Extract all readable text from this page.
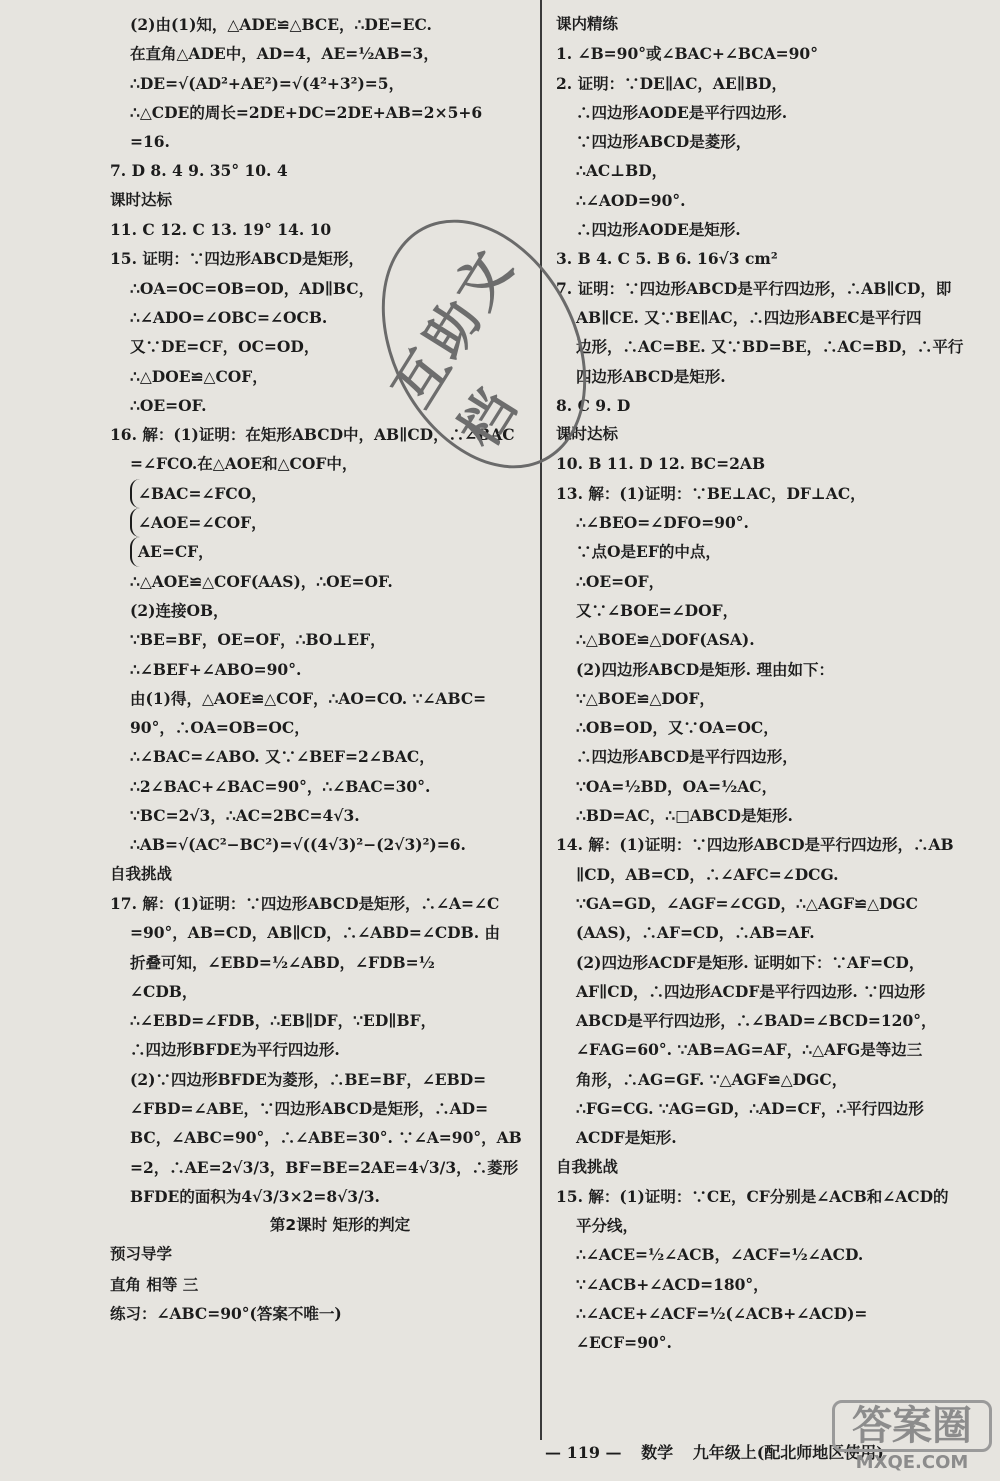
(2)由(1)知，△ADE≌△BCE，∴DE=EC.
在直角△ADE中，AD=4，AE=½AB=3，
∴DE=√(AD²+AE²)=√(4²+3²)=5，
∴△CDE的周长=2DE+DC=2DE+AB=2×5+6
=16.
7. D 8. 4 9. 35° 10. 4
课时达标
11. C 12. C 13. 19° 14. 10
15. 证明：∵四边形ABCD是矩形，
∴OA=OC=OB=OD，AD∥BC，
∴∠ADO=∠OBC=∠OCB.
又∵DE=CF，OC=OD，
∴△DOE≌△COF，
∴OE=OF.
16. 解：(1)证明：在矩形ABCD中，AB∥CD，∴∠BAC
=∠FCO.在△AOE和△COF中，
∠BAC=∠FCO，
∠AOE=∠COF，
AE=CF，
∴△AOE≌△COF(AAS)，∴OE=OF.
(2)连接OB，
∵BE=BF，OE=OF，∴BO⊥EF，
∴∠BEF+∠ABO=90°.
由(1)得，△AOE≌△COF，∴AO=CO. ∵∠ABC=
90°，∴OA=OB=OC，
∴∠BAC=∠ABO. 又∵∠BEF=2∠BAC，
∴2∠BAC+∠BAC=90°，∴∠BAC=30°.
∵BC=2√3，∴AC=2BC=4√3.
∴AB=√(AC²−BC²)=√((4√3)²−(2√3)²)=6.
自我挑战
17. 解：(1)证明：∵四边形ABCD是矩形，∴∠A=∠C
=90°，AB=CD，AB∥CD，∴∠ABD=∠CDB. 由
折叠可知，∠EBD=½∠ABD，∠FDB=½
∠CDB，
∴∠EBD=∠FDB，∴EB∥DF，∵ED∥BF，
∴四边形BFDE为平行四边形.
(2)∵四边形BFDE为菱形，∴BE=BF，∠EBD=
∠FBD=∠ABE，∵四边形ABCD是矩形，∴AD=
BC，∠ABC=90°，∴∠ABE=30°. ∵∠A=90°，AB
=2，∴AE=2√3/3，BF=BE=2AE=4√3/3，∴菱形
BFDE的面积为4√3/3×2=8√3/3.
第2课时 矩形的判定
预习导学
直角 相等 三
练习：∠ABC=90°(答案不唯一)
课内精练
1. ∠B=90°或∠BAC+∠BCA=90°
2. 证明：∵DE∥AC，AE∥BD，
∴四边形AODE是平行四边形.
∵四边形ABCD是菱形，
∴AC⊥BD，
∴∠AOD=90°.
∴四边形AODE是矩形.
3. B 4. C 5. B 6. 16√3 cm²
7. 证明：∵四边形ABCD是平行四边形，∴AB∥CD，即
AB∥CE. 又∵BE∥AC，∴四边形ABEC是平行四
边形，∴AC=BE. 又∵BD=BE，∴AC=BD，∴平行
四边形ABCD是矩形.
8. C 9. D
课时达标
10. B 11. D 12. BC=2AB
13. 解：(1)证明：∵BE⊥AC，DF⊥AC，
∴∠BEO=∠DFO=90°.
∵点O是EF的中点，
∴OE=OF，
又∵∠BOE=∠DOF，
∴△BOE≌△DOF(ASA).
(2)四边形ABCD是矩形. 理由如下：
∵△BOE≌△DOF，
∴OB=OD，又∵OA=OC，
∴四边形ABCD是平行四边形，
∵OA=½BD，OA=½AC，
∴BD=AC，∴□ABCD是矩形.
14. 解：(1)证明：∵四边形ABCD是平行四边形，∴AB
∥CD，AB=CD，∴∠AFC=∠DCG.
∵GA=GD，∠AGF=∠CGD，∴△AGF≌△DGC
(AAS)，∴AF=CD，∴AB=AF.
(2)四边形ACDF是矩形. 证明如下：∵AF=CD，
AF∥CD，∴四边形ACDF是平行四边形. ∵四边形
ABCD是平行四边形，∴∠BAD=∠BCD=120°，
∠FAG=60°. ∵AB=AG=AF，∴△AFG是等边三
角形，∴AG=GF. ∵△AGF≌△DGC，
∴FG=CG. ∵AG=GD，∴AD=CF，∴平行四边形
ACDF是矩形.
自我挑战
15. 解：(1)证明：∵CE，CF分别是∠ACB和∠ACD的
平分线，
∴∠ACE=½∠ACB，∠ACF=½∠ACD.
∵∠ACB+∠ACD=180°，
∴∠ACE+∠ACF=½(∠ACB+∠ACD)=
∠ECF=90°.
互助文档
— 119 — 数学 九年级上(配北师地区使用)
答案圈
MXQE.COM
